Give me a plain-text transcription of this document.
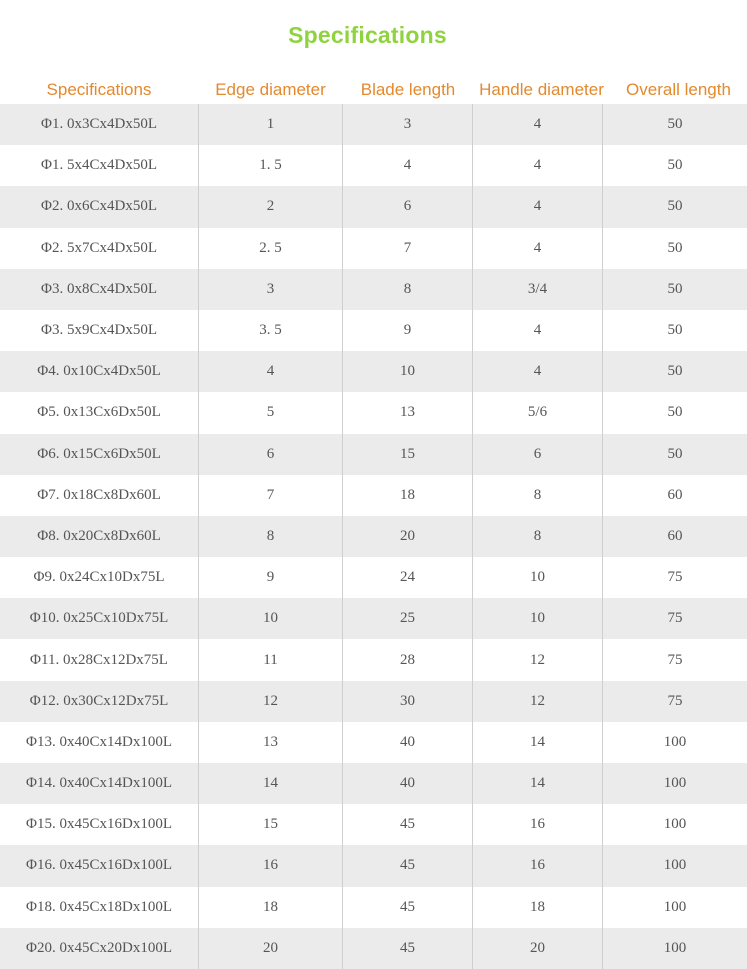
Specifications
Specifications	Edge diameter	Blade length	Handle diameter	Overall length
Φ1. 0x3Cx4Dx50L	1	3	4	50
Φ1. 5x4Cx4Dx50L	1. 5	4	4	50
Φ2. 0x6Cx4Dx50L	2	6	4	50
Φ2. 5x7Cx4Dx50L	2. 5	7	4	50
Φ3. 0x8Cx4Dx50L	3	8	3/4	50
Φ3. 5x9Cx4Dx50L	3. 5	9	4	50
Φ4. 0x10Cx4Dx50L	4	10	4	50
Φ5. 0x13Cx6Dx50L	5	13	5/6	50
Φ6. 0x15Cx6Dx50L	6	15	6	50
Φ7. 0x18Cx8Dx60L	7	18	8	60
Φ8. 0x20Cx8Dx60L	8	20	8	60
Φ9. 0x24Cx10Dx75L	9	24	10	75
Φ10. 0x25Cx10Dx75L	10	25	10	75
Φ11. 0x28Cx12Dx75L	11	28	12	75
Φ12. 0x30Cx12Dx75L	12	30	12	75
Φ13. 0x40Cx14Dx100L	13	40	14	100
Φ14. 0x40Cx14Dx100L	14	40	14	100
Φ15. 0x45Cx16Dx100L	15	45	16	100
Φ16. 0x45Cx16Dx100L	16	45	16	100
Φ18. 0x45Cx18Dx100L	18	45	18	100
Φ20. 0x45Cx20Dx100L	20	45	20	100
